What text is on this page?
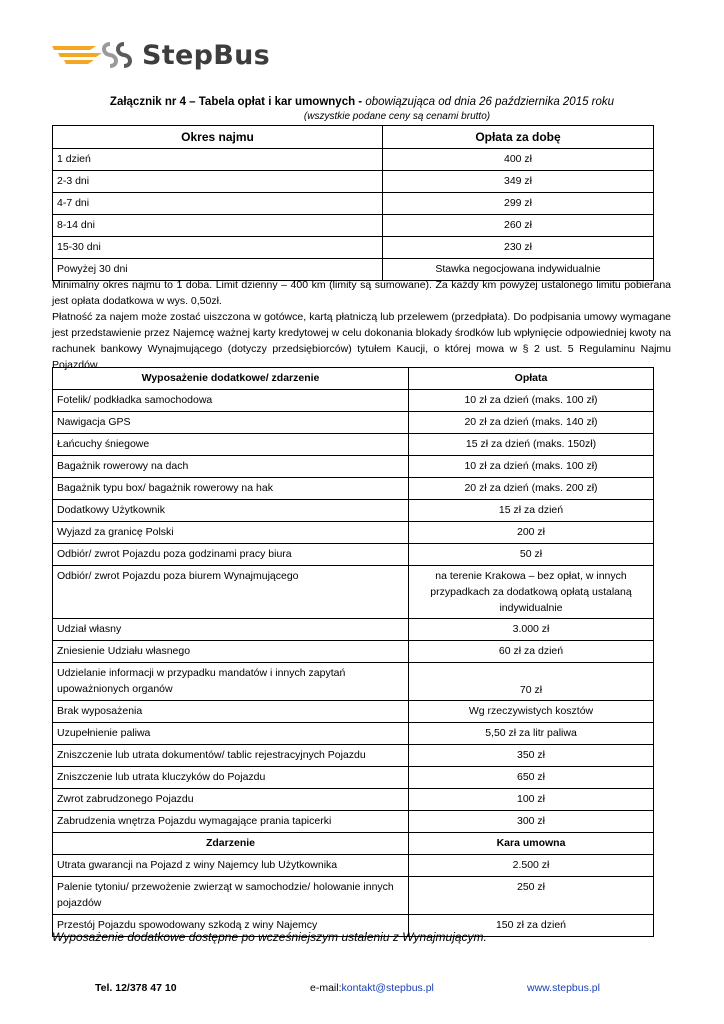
StepBus
Załącznik nr 4 – Tabela opłat i kar umownych - obowiązująca od dnia 26 października 2015 roku
(wszystkie podane ceny są cenami brutto)
Okres najmu	Opłata za dobę
1 dzień	400 zł
2-3 dni	349 zł
4-7 dni	299 zł
8-14 dni	260 zł
15-30 dni	230 zł
Powyżej 30 dni	Stawka negocjowana indywidualnie
Minimalny okres najmu to 1 doba. Limit dzienny – 400 km (limity są sumowane). Za każdy km powyżej ustalonego limitu pobierana jest opłata dodatkowa w wys. 0,50zł.
Płatność za najem może zostać uiszczona w gotówce, kartą płatniczą lub przelewem (przedpłata). Do podpisania umowy wymagane jest przedstawienie przez Najemcę ważnej karty kredytowej w celu dokonania blokady środków lub wpłynięcie odpowiedniej kwoty na rachunek bankowy Wynajmującego (dotyczy przedsiębiorców) tytułem Kaucji, o której mowa w § 2 ust. 5 Regulaminu Najmu Pojazdów.
Wyposażenie dodatkowe/ zdarzenie	Opłata
Fotelik/ podkładka samochodowa	10 zł za dzień (maks. 100 zł)
Nawigacja GPS	20 zł za dzień (maks. 140 zł)
Łańcuchy śniegowe	15 zł za dzień (maks. 150zł)
Bagażnik rowerowy na dach	10 zł za dzień (maks. 100 zł)
Bagażnik typu box/ bagażnik rowerowy na hak	20 zł za dzień (maks. 200 zł)
Dodatkowy Użytkownik	15 zł za dzień
Wyjazd za granicę Polski	200 zł
Odbiór/ zwrot Pojazdu poza godzinami pracy biura	50 zł
Odbiór/ zwrot Pojazdu poza biurem Wynajmującego	na terenie Krakowa – bez opłat, w innych przypadkach za dodatkową opłatą ustalaną indywidualnie
Udział własny	3.000 zł
Zniesienie Udziału własnego	60 zł za dzień
Udzielanie informacji w przypadku mandatów i innych zapytań upoważnionych organów	70 zł
Brak wyposażenia	Wg rzeczywistych kosztów
Uzupełnienie paliwa	5,50 zł za litr paliwa
Zniszczenie lub utrata dokumentów/ tablic rejestracyjnych Pojazdu	350 zł
Zniszczenie lub utrata kluczyków do Pojazdu	650 zł
Zwrot zabrudzonego Pojazdu	100 zł
Zabrudzenia wnętrza Pojazdu wymagające prania tapicerki	300 zł
Zdarzenie	Kara umowna
Utrata gwarancji na Pojazd z winy Najemcy lub Użytkownika	2.500 zł
Palenie tytoniu/ przewożenie zwierząt w samochodzie/ holowanie innych pojazdów	250 zł
Przestój Pojazdu spowodowany szkodą z winy Najemcy	150 zł za dzień
Wyposażenie dodatkowe dostępne po wcześniejszym ustaleniu z Wynajmującym.
Tel. 12/378 47 10	e-mail:kontakt@stepbus.pl	www.stepbus.pl
